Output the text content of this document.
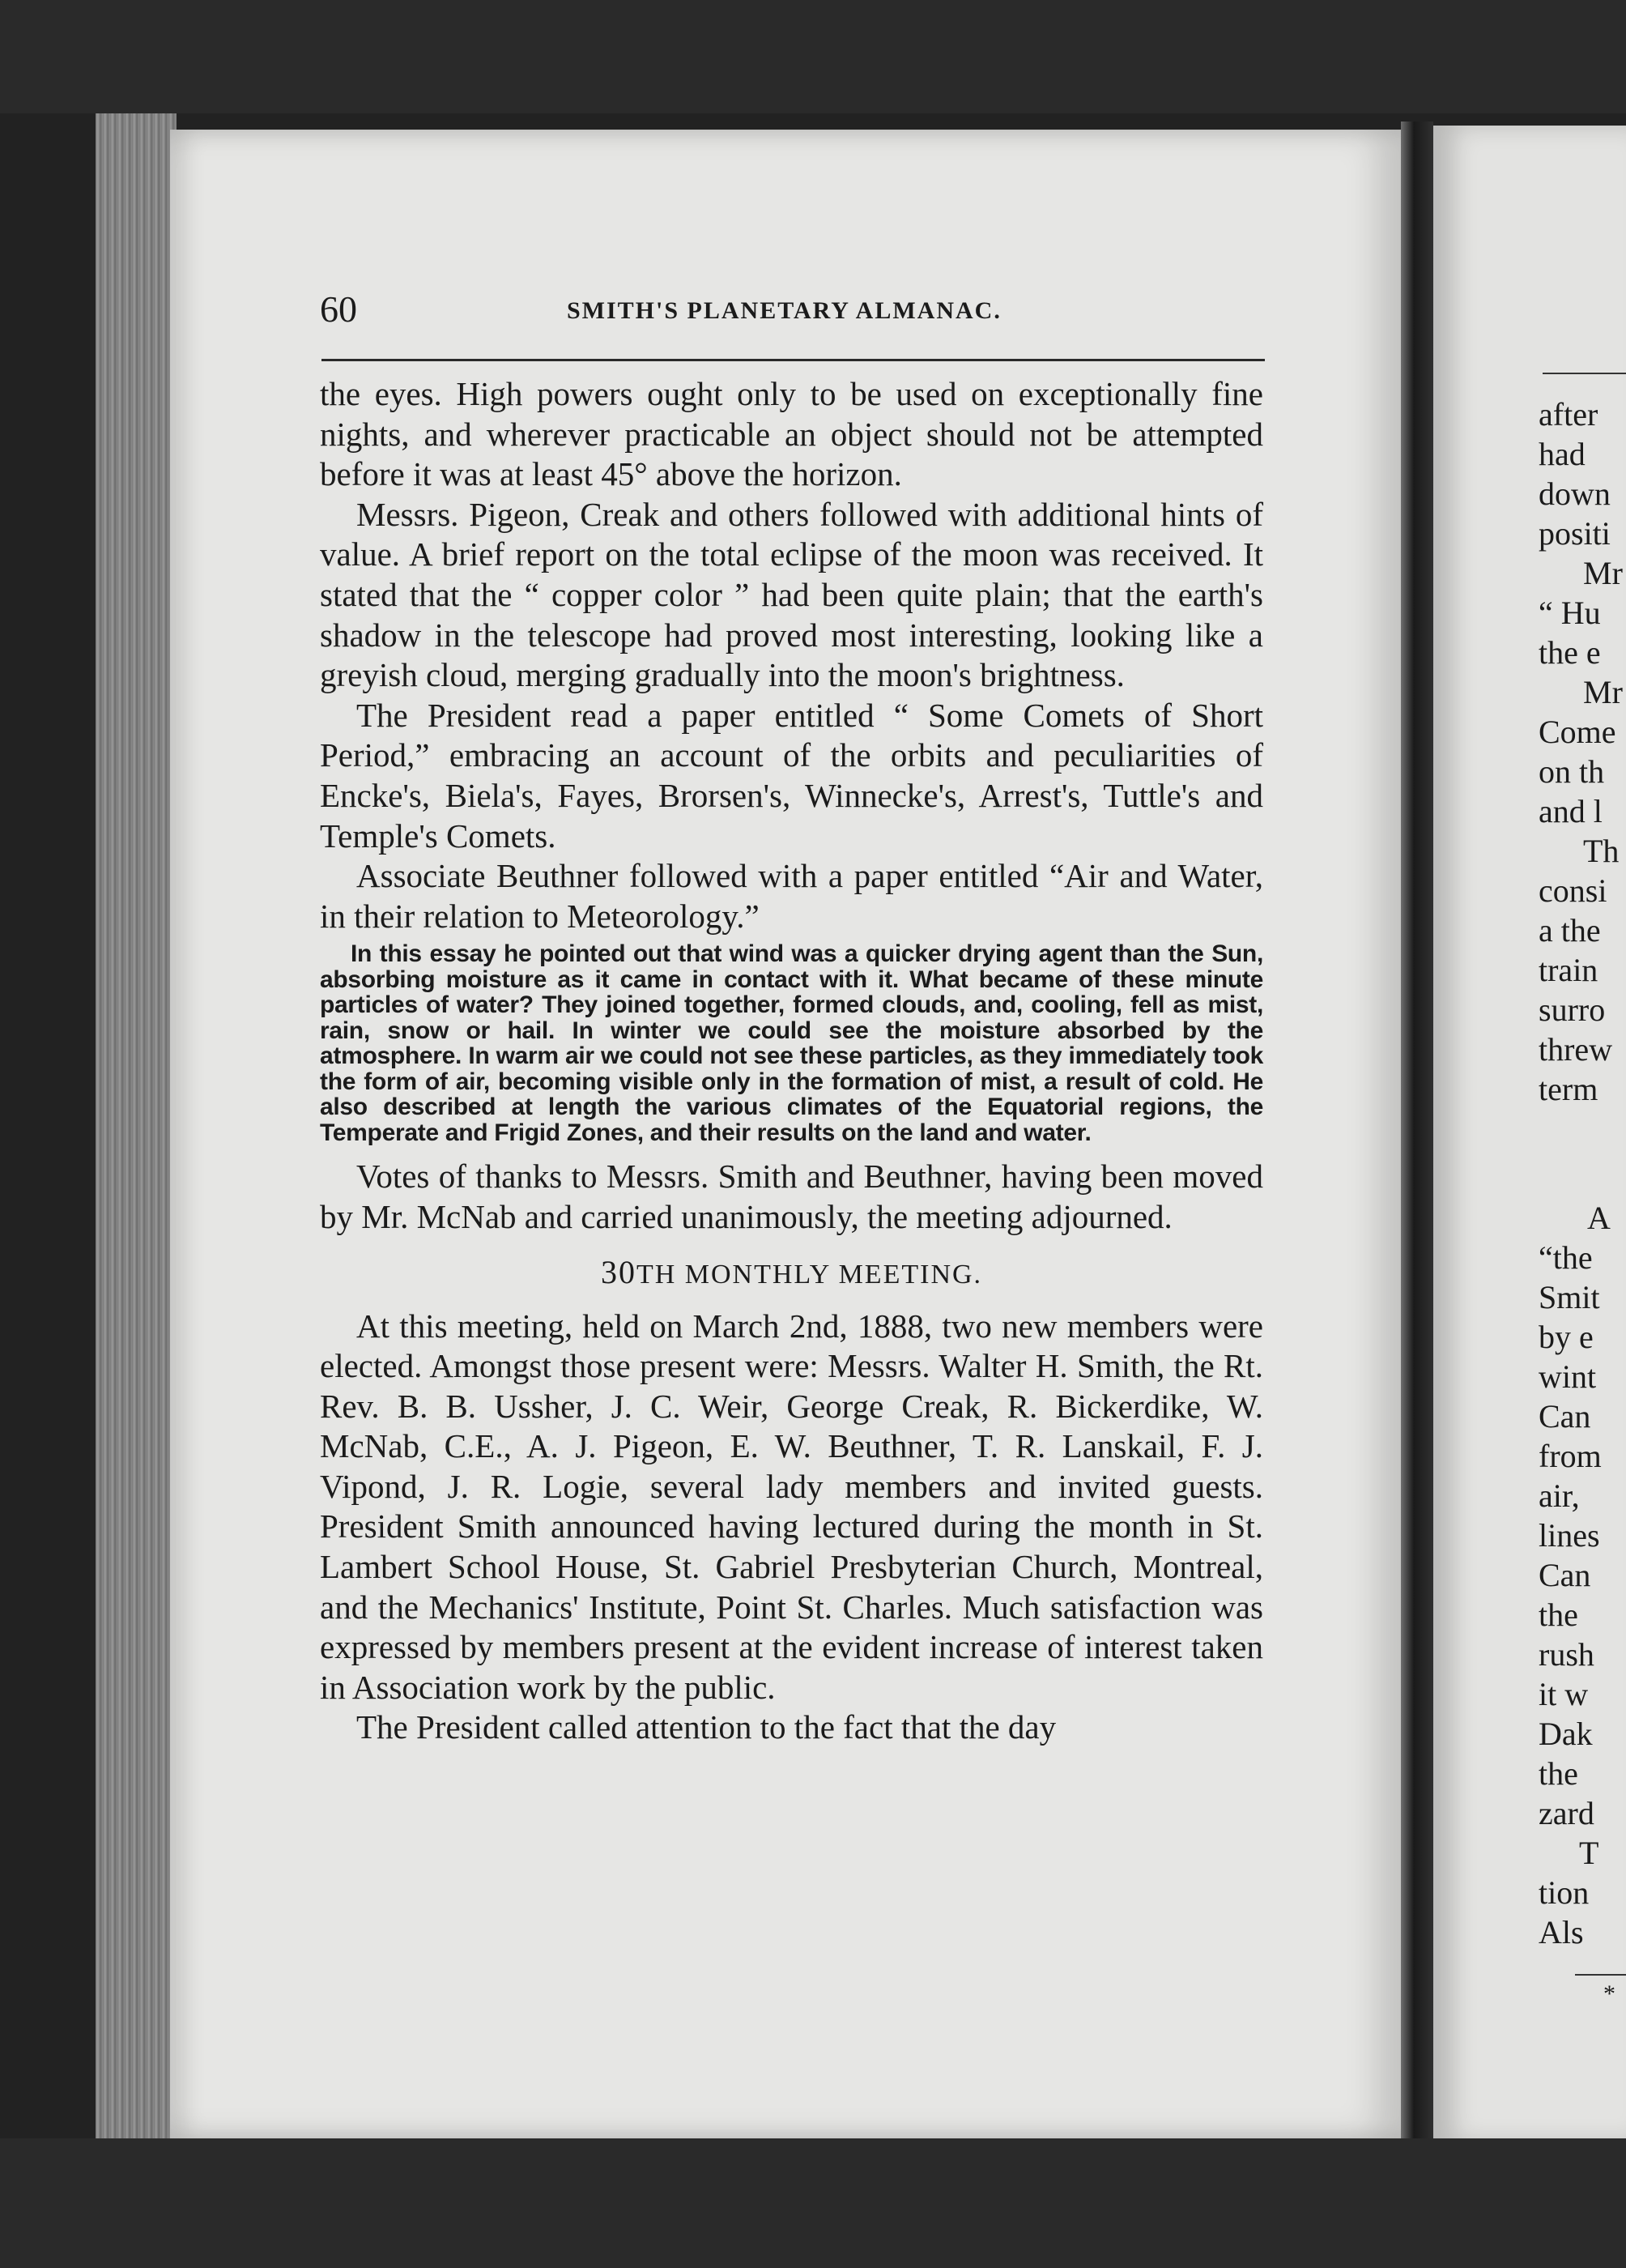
60	SMITH'S PLANETARY ALMANAC.

the eyes. High powers ought only to be used on exceptionally fine nights, and wherever practicable an object should not be attempted before it was at least 45° above the horizon.

Messrs. Pigeon, Creak and others followed with additional hints of value. A brief report on the total eclipse of the moon was received. It stated that the “ copper color ” had been quite plain; that the earth's shadow in the telescope had proved most interesting, looking like a greyish cloud, merging gradually into the moon's brightness.

The President read a paper entitled “ Some Comets of Short Period,” embracing an account of the orbits and peculiarities of Encke's, Biela's, Fayes, Brorsen's, Winnecke's, Arrest's, Tuttle's and Temple's Comets.

Associate Beuthner followed with a paper entitled “Air and Water, in their relation to Meteorology.”

In this essay he pointed out that wind was a quicker drying agent than the Sun, absorbing moisture as it came in contact with it. What became of these minute particles of water? They joined together, formed clouds, and, cooling, fell as mist, rain, snow or hail. In winter we could see the moisture absorbed by the atmosphere. In warm air we could not see these particles, as they immediately took the form of air, becoming visible only in the formation of mist, a result of cold. He also described at length the various climates of the Equatorial regions, the Temperate and Frigid Zones, and their results on the land and water.

Votes of thanks to Messrs. Smith and Beuthner, having been moved by Mr. McNab and carried unanimously, the meeting adjourned.

30TH MONTHLY MEETING.

At this meeting, held on March 2nd, 1888, two new members were elected. Amongst those present were: Messrs. Walter H. Smith, the Rt. Rev. B. B. Ussher, J. C. Weir, George Creak, R. Bickerdike, W. McNab, C.E., A. J. Pigeon, E. W. Beuthner, T. R. Lanskail, F. J. Vipond, J. R. Logie, several lady members and invited guests. President Smith announced having lectured during the month in St. Lambert School House, St. Gabriel Presbyterian Church, Montreal, and the Mechanics' Institute, Point St. Charles. Much satisfaction was expressed by members present at the evident increase of interest taken in Association work by the public.

The President called attention to the fact that the day

after
had
down
positi
Mr
“ Hu
the e
Mr
Come
on th
and l
Th
consi
a the
train
surro
threw
term
A
“the
Smit
by e
wint
Can
from
air,
lines
Can
the
rush
it w
Dak
the
zard
T
tion
Als
*
